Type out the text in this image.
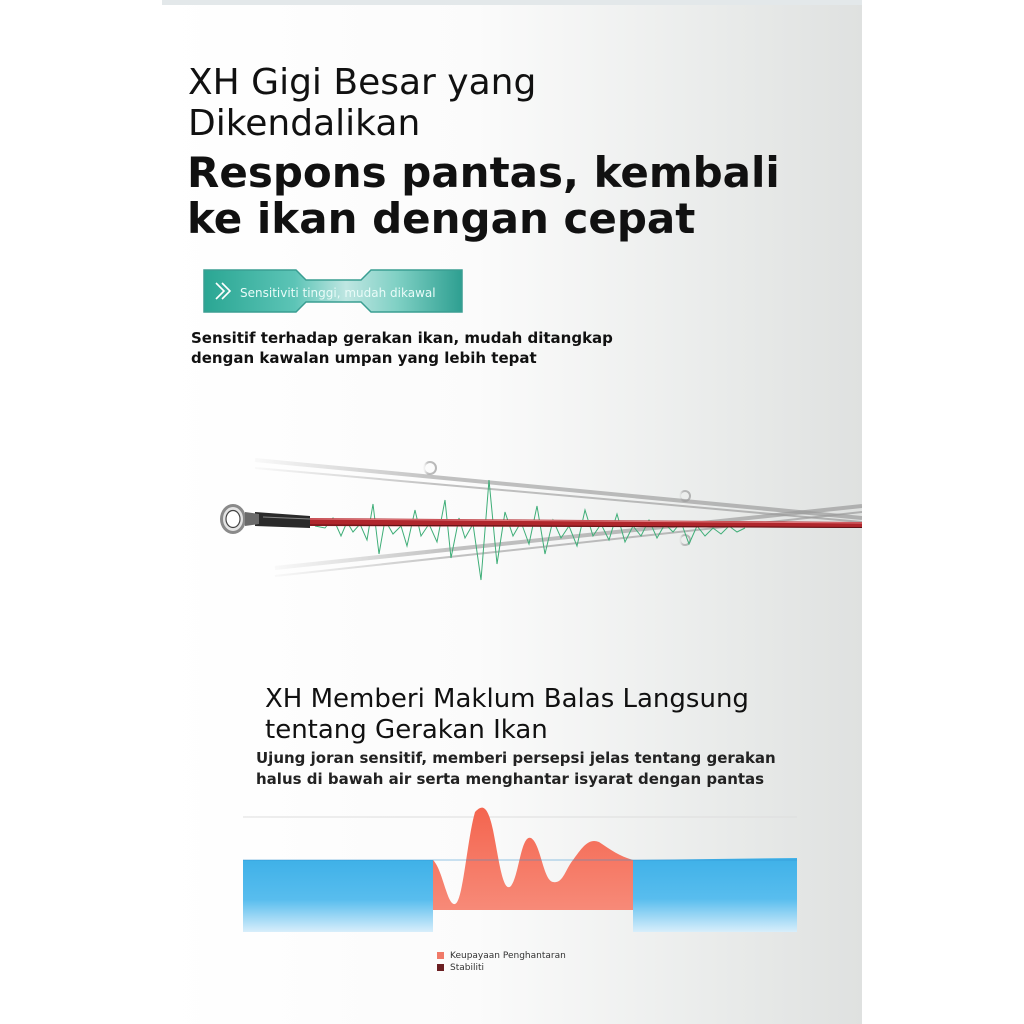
XH Gigi Besar yang
Dikendalikan
Respons pantas, kembali
ke ikan dengan cepat
Sensitiviti tinggi, mudah dikawal
Sensitif terhadap gerakan ikan, mudah ditangkap
dengan kawalan umpan yang lebih tepat
XH Memberi Maklum Balas Langsung
tentang Gerakan Ikan
Ujung joran sensitif, memberi persepsi jelas tentang gerakan
halus di bawah air serta menghantar isyarat dengan pantas
Keupayaan Penghantaran
Stabiliti
